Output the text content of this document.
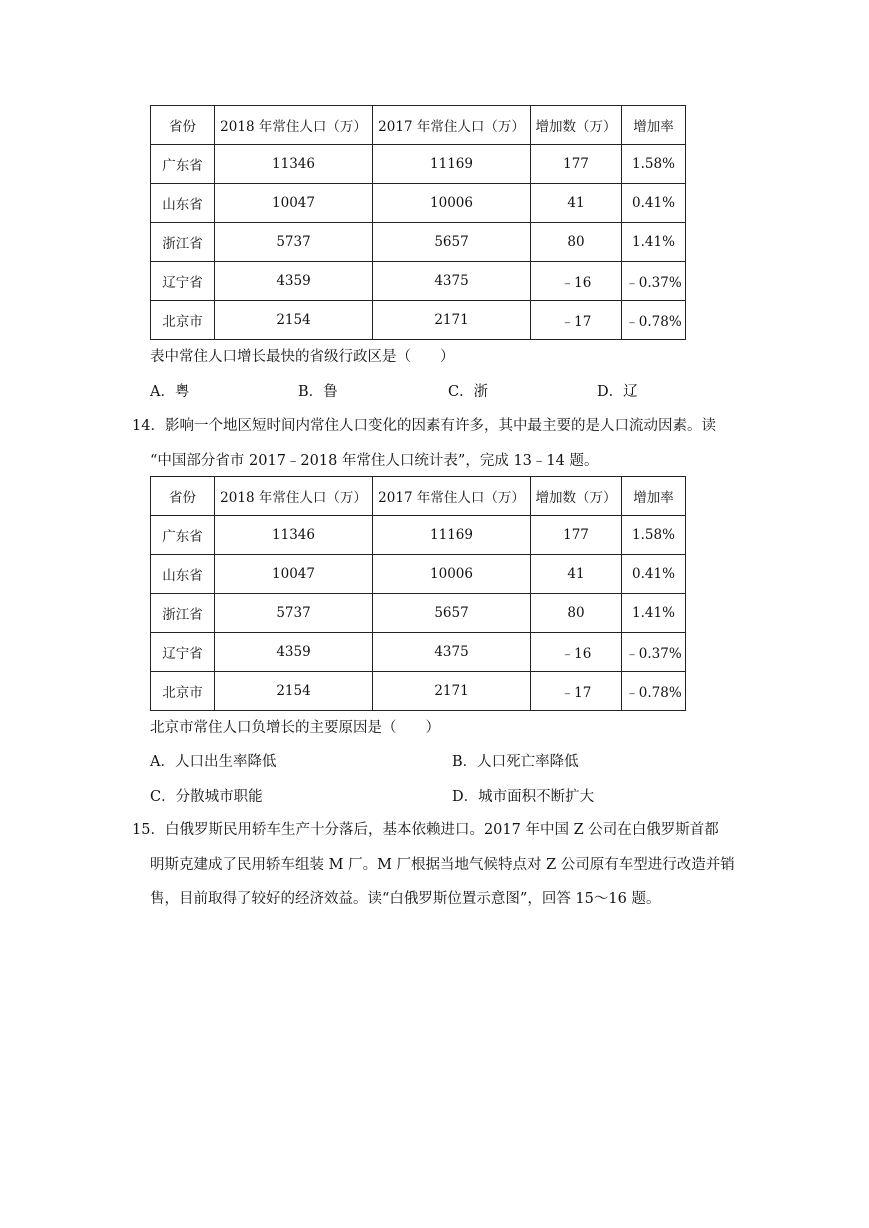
省份	2018 年常住人口（万）	2017 年常住人口（万）	增加数（万）	增加率
广东省	11346	11169	177	1.58%
山东省	10047	10006	41	0.41%
浙江省	5737	5657	80	1.41%
辽宁省	4359	4375	﹣16	﹣0.37%
北京市	2154	2171	﹣17	﹣0.78%
表中常住人口增长最快的省级行政区是（　　）
A．粤	B．鲁	C．浙	D．辽
14．影响一个地区短时间内常住人口变化的因素有许多，其中最主要的是人口流动因素。读
“中国部分省市 2017﹣2018 年常住人口统计表”，完成 13﹣14 题。
省份	2018 年常住人口（万）	2017 年常住人口（万）	增加数（万）	增加率
广东省	11346	11169	177	1.58%
山东省	10047	10006	41	0.41%
浙江省	5737	5657	80	1.41%
辽宁省	4359	4375	﹣16	﹣0.37%
北京市	2154	2171	﹣17	﹣0.78%
北京市常住人口负增长的主要原因是（　　）
A．人口出生率降低	B．人口死亡率降低
C．分散城市职能	D．城市面积不断扩大
15．白俄罗斯民用轿车生产十分落后，基本依赖进口。2017 年中国 Z 公司在白俄罗斯首都
明斯克建成了民用轿车组装 M 厂。M 厂根据当地气候特点对 Z 公司原有车型进行改造并销
售，目前取得了较好的经济效益。读“白俄罗斯位置示意图”，回答 15～16 题。
